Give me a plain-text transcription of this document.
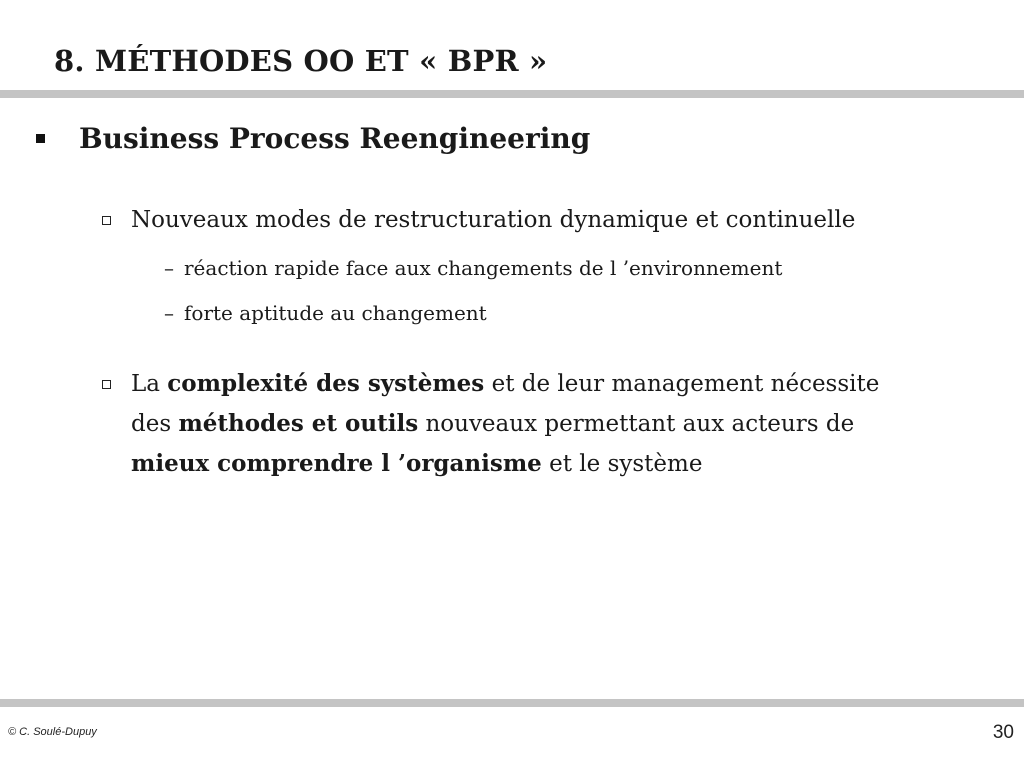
8. MÉTHODES OO ET « BPR »
Business Process Reengineering
Nouveaux modes de restructuration dynamique et continuelle
– réaction rapide face aux changements de l ’environnement
– forte aptitude au changement
La complexité des systèmes et de leur management nécessite
des méthodes et outils nouveaux permettant aux acteurs de
mieux comprendre l ’organisme et le système
© C. Soulé-Dupuy	30
